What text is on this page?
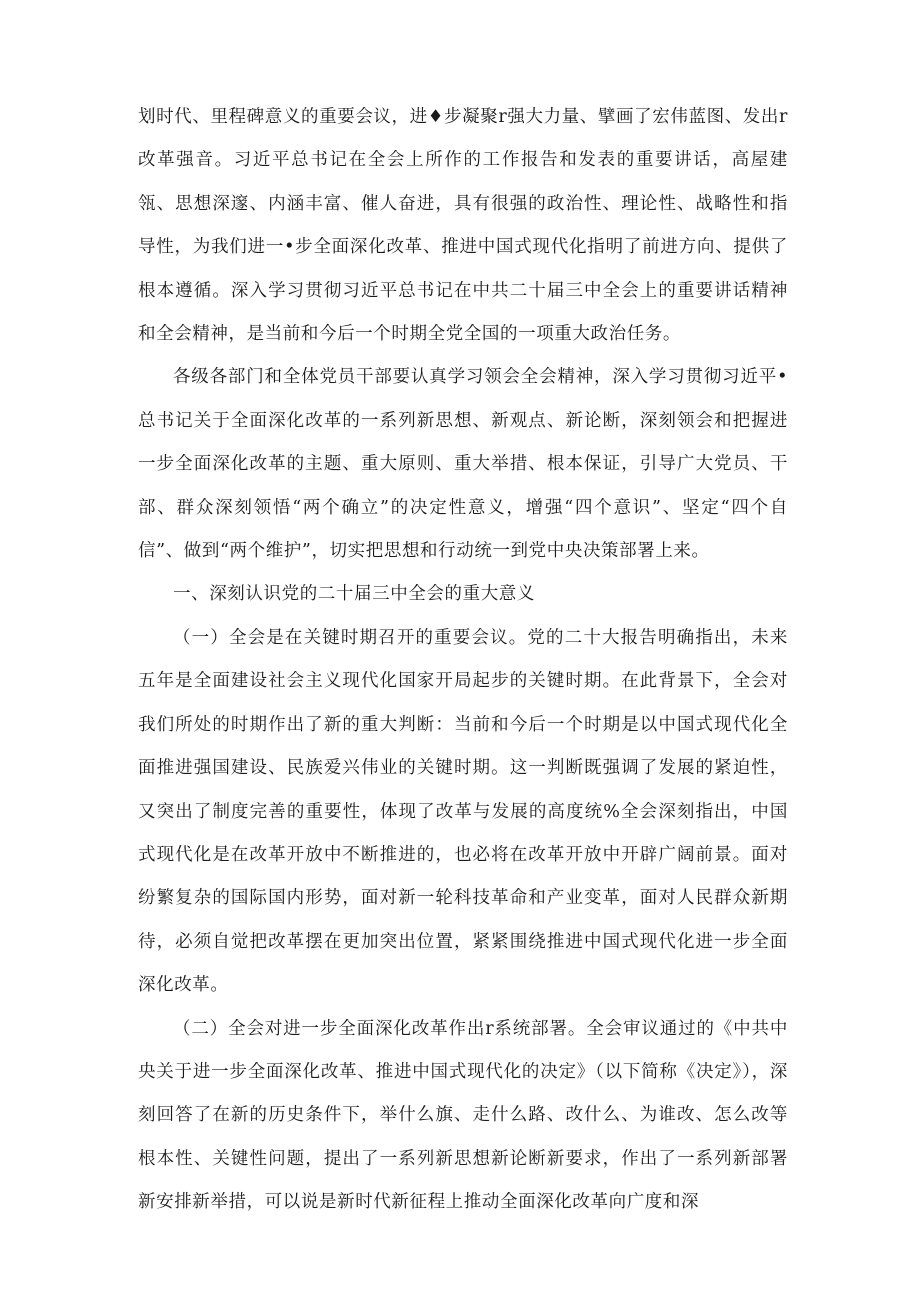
划时代、里程碑意义的重要会议，进♦步凝聚r强大力量、擘画了宏伟蓝图、发出r改革强音。习近平总书记在全会上所作的工作报告和发表的重要讲话，高屋建瓴、思想深邃、内涵丰富、催人奋进，具有很强的政治性、理论性、战略性和指导性，为我们进一•步全面深化改革、推进中国式现代化指明了前进方向、提供了根本遵循。深入学习贯彻习近平总书记在中共二十届三中全会上的重要讲话精神和全会精神，是当前和今后一个时期全党全国的一项重大政治任务。

各级各部门和全体党员干部要认真学习领会全会精神，深入学习贯彻习近平•总书记关于全面深化改革的一系列新思想、新观点、新论断，深刻领会和把握进一步全面深化改革的主题、重大原则、重大举措、根本保证，引导广大党员、干部、群众深刻领悟“两个确立”的决定性意义，增强“四个意识”、坚定“四个自信”、做到“两个维护”，切实把思想和行动统一到党中央决策部署上来。

一、深刻认识党的二十届三中全会的重大意义

（一）全会是在关键时期召开的重要会议。党的二十大报告明确指出，未来五年是全面建设社会主义现代化国家开局起步的关键时期。在此背景下，全会对我们所处的时期作出了新的重大判断：当前和今后一个时期是以中国式现代化全面推进强国建设、民族爱兴伟业的关键时期。这一判断既强调了发展的紧迫性，又突出了制度完善的重要性，体现了改革与发展的高度统%全会深刻指出，中国式现代化是在改革开放中不断推进的，也必将在改革开放中开辟广阔前景。面对纷繁复杂的国际国内形势，面对新一轮科技革命和产业变革，面对人民群众新期待，必须自觉把改革摆在更加突出位置，紧紧围绕推进中国式现代化进一步全面深化改革。

（二）全会对进一步全面深化改革作出r系统部署。全会审议通过的《中共中央关于进一步全面深化改革、推进中国式现代化的决定》（以下简称《决定》），深刻回答了在新的历史条件下，举什么旗、走什么路、改什么、为谁改、怎么改等根本性、关键性问题，提出了一系列新思想新论断新要求，作出了一系列新部署新安排新举措，可以说是新时代新征程上推动全面深化改革向广度和深
